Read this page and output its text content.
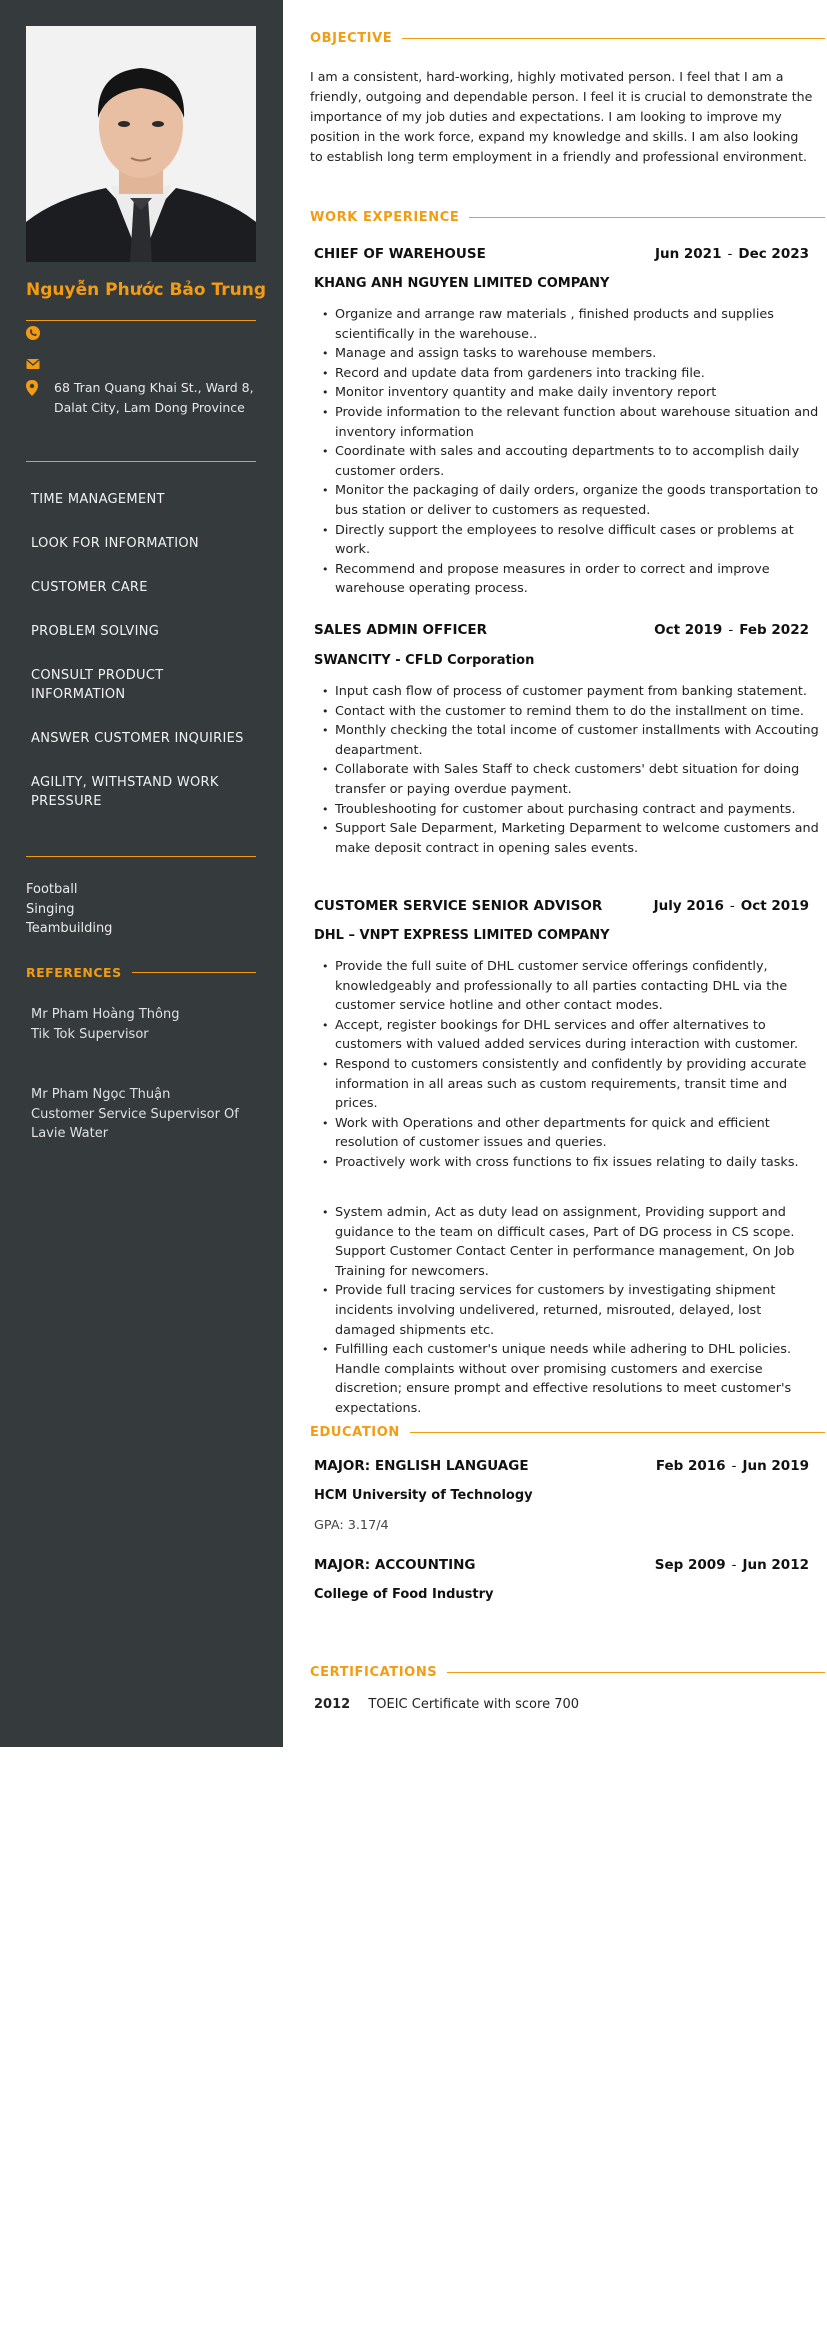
Nguyễn Phước Bảo Trung
68 Tran Quang Khai St., Ward 8, Dalat City, Lam Dong Province
TIME MANAGEMENT
LOOK FOR INFORMATION
CUSTOMER CARE
PROBLEM SOLVING
CONSULT PRODUCT INFORMATION
ANSWER CUSTOMER INQUIRIES
AGILITY, WITHSTAND WORK PRESSURE
Football
Singing
Teambuilding
REFERENCES
Mr Pham Hoàng Thông
Tik Tok Supervisor
Mr Pham Ngọc Thuận
Customer Service Supervisor Of Lavie Water
OBJECTIVE
I am a consistent, hard-working, highly motivated person. I feel that I am a friendly, outgoing and dependable person. I feel it is crucial to demonstrate the importance of my job duties and expectations. I am looking to improve my position in the work force, expand my knowledge and skills. I am also looking to establish long term employment in a friendly and professional environment.
WORK EXPERIENCE
CHIEF OF WAREHOUSE	Jun 2021 - Dec 2023
KHANG ANH NGUYEN LIMITED COMPANY
• Organize and arrange raw materials , finished products and supplies scientifically in the warehouse..
• Manage and assign tasks to warehouse members.
• Record and update data from gardeners into tracking file.
• Monitor inventory quantity and make daily inventory report
• Provide information to the relevant function about warehouse situation and inventory information
• Coordinate with sales and accouting departments to to accomplish daily customer orders.
• Monitor the packaging of daily orders, organize the goods transportation to bus station or deliver to customers as requested.
• Directly support the employees to resolve difficult cases or problems at work.
• Recommend and propose measures in order to correct and improve warehouse operating process.
SALES ADMIN OFFICER	Oct 2019 - Feb 2022
SWANCITY - CFLD Corporation
• Input cash flow of process of customer payment from banking statement.
• Contact with the customer to remind them to do the installment on time.
• Monthly checking the total income of customer installments with Accouting deapartment.
• Collaborate with Sales Staff to check customers' debt situation for doing transfer or paying overdue payment.
• Troubleshooting for customer about purchasing contract and payments.
• Support Sale Deparment, Marketing Deparment to welcome customers and make deposit contract in opening sales events.
CUSTOMER SERVICE SENIOR ADVISOR	July 2016 - Oct 2019
DHL – VNPT EXPRESS LIMITED COMPANY
• Provide the full suite of DHL customer service offerings confidently, knowledgeably and professionally to all parties contacting DHL via the customer service hotline and other contact modes.
• Accept, register bookings for DHL services and offer alternatives to customers with valued added services during interaction with customer.
• Respond to customers consistently and confidently by providing accurate information in all areas such as custom requirements, transit time and prices.
• Work with Operations and other departments for quick and efficient resolution of customer issues and queries.
• Proactively work with cross functions to fix issues relating to daily tasks.
• System admin, Act as duty lead on assignment, Providing support and guidance to the team on difficult cases, Part of DG process in CS scope. Support Customer Contact Center in performance management, On Job Training for newcomers.
• Provide full tracing services for customers by investigating shipment incidents involving undelivered, returned, misrouted, delayed, lost damaged shipments etc.
• Fulfilling each customer's unique needs while adhering to DHL policies. Handle complaints without over promising customers and exercise discretion; ensure prompt and effective resolutions to meet customer's expectations.
EDUCATION
MAJOR: ENGLISH LANGUAGE	Feb 2016 - Jun 2019
HCM University of Technology
GPA: 3.17/4
MAJOR: ACCOUNTING	Sep 2009 - Jun 2012
College of Food Industry
CERTIFICATIONS
2012 TOEIC Certificate with score 700
